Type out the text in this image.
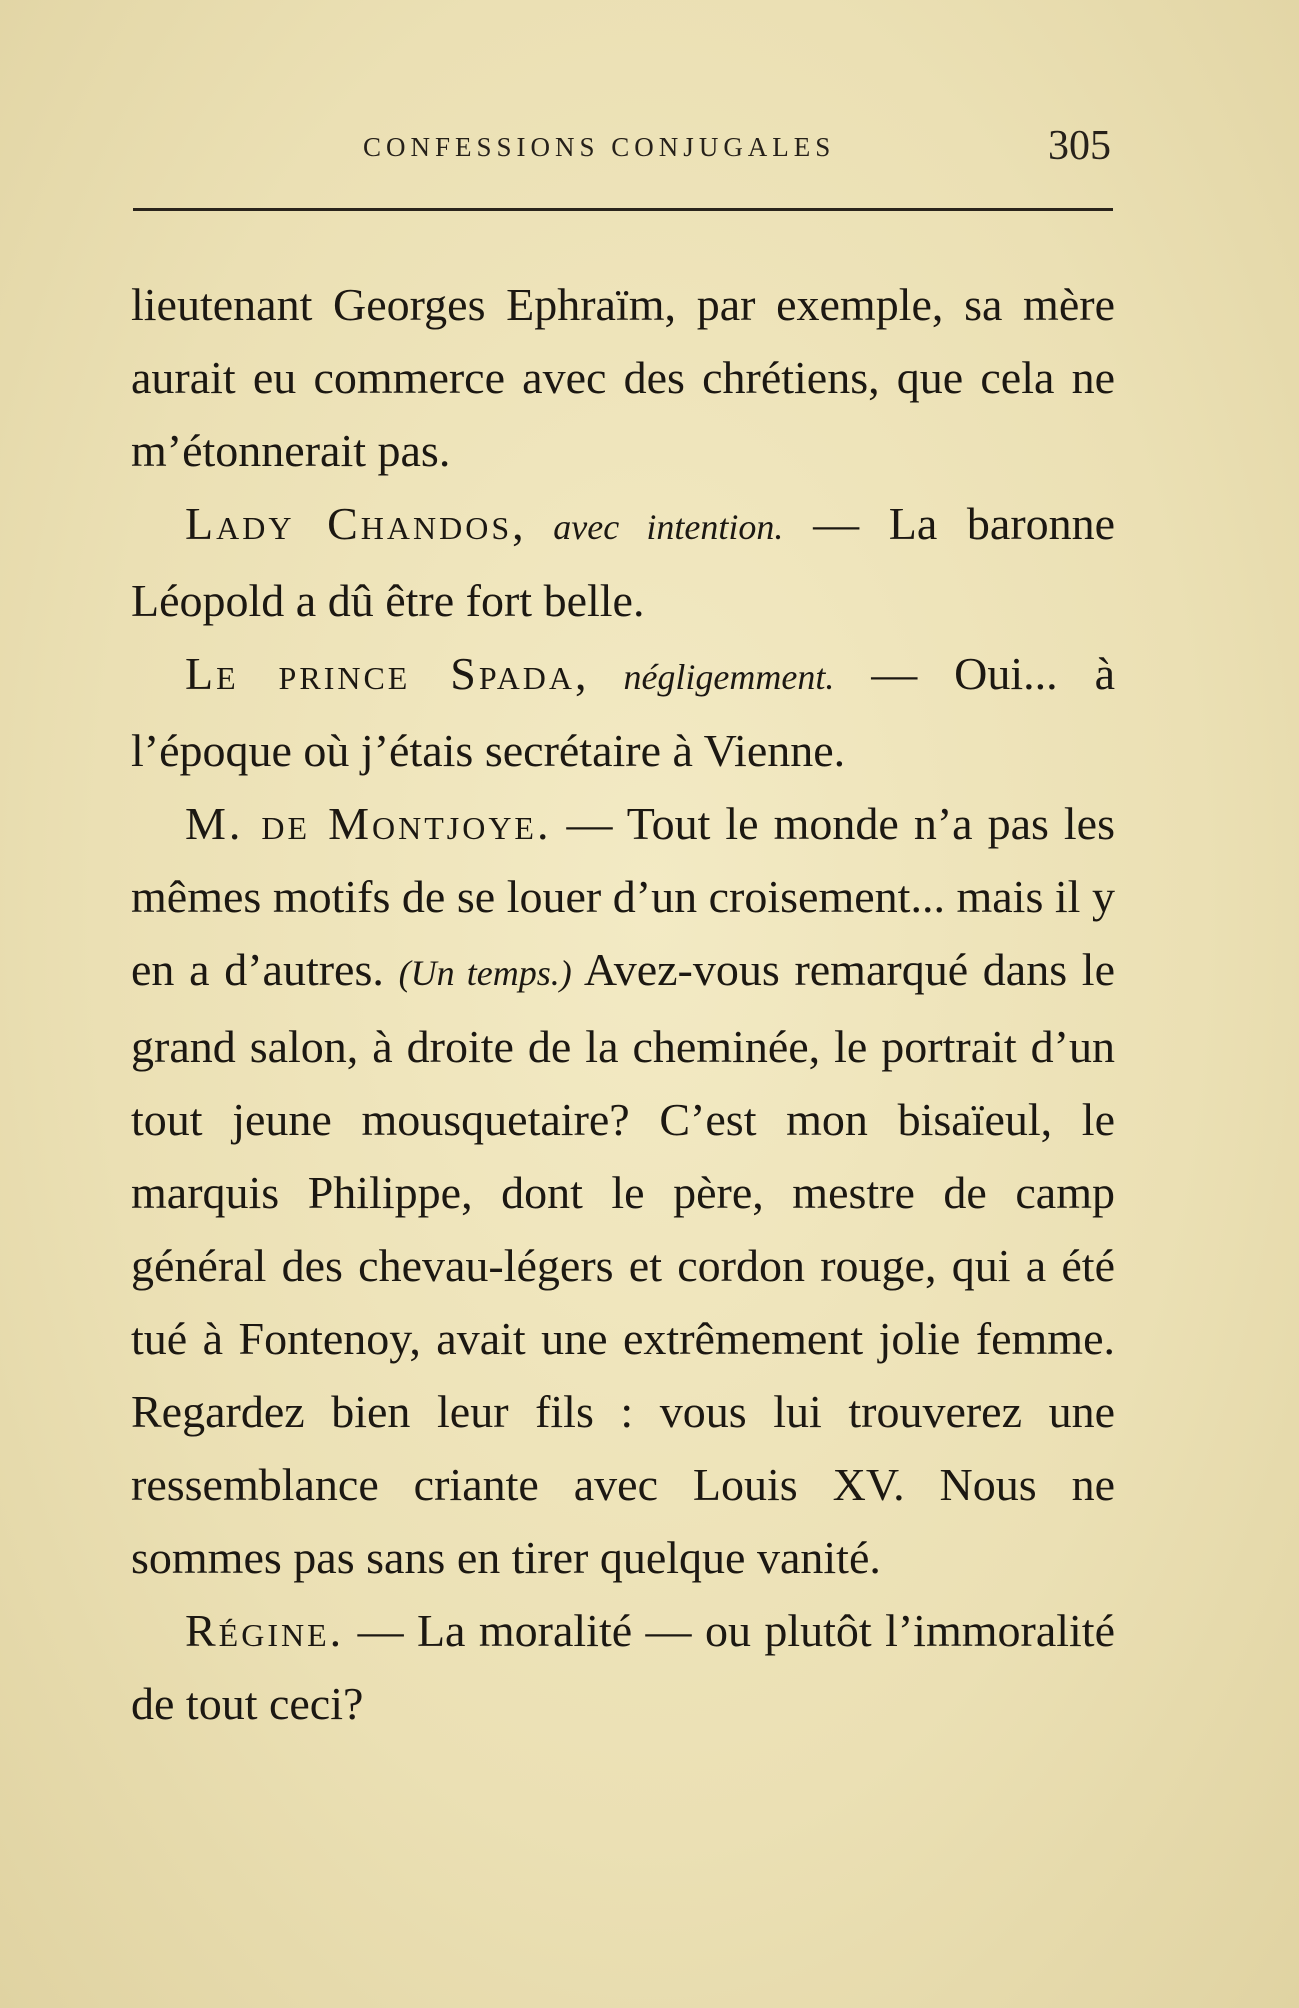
CONFESSIONS CONJUGALES	305

lieutenant Georges Ephraïm, par exemple, sa mère aurait eu commerce avec des chrétiens, que cela ne m’étonnerait pas.

Lady Chandos, avec intention. — La baronne Léopold a dû être fort belle.

Le prince Spada, négligemment. — Oui... à l’époque où j’étais secrétaire à Vienne.

M. de Montjoye. — Tout le monde n’a pas les mêmes motifs de se louer d’un croisement... mais il y en a d’autres. (Un temps.) Avez-vous remarqué dans le grand salon, à droite de la cheminée, le portrait d’un tout jeune mousquetaire? C’est mon bisaïeul, le marquis Philippe, dont le père, mestre de camp général des chevau-légers et cordon rouge, qui a été tué à Fontenoy, avait une extrêmement jolie femme. Regardez bien leur fils : vous lui trouverez une ressemblance criante avec Louis XV. Nous ne sommes pas sans en tirer quelque vanité.

Régine. — La moralité — ou plutôt l’immoralité de tout ceci?
